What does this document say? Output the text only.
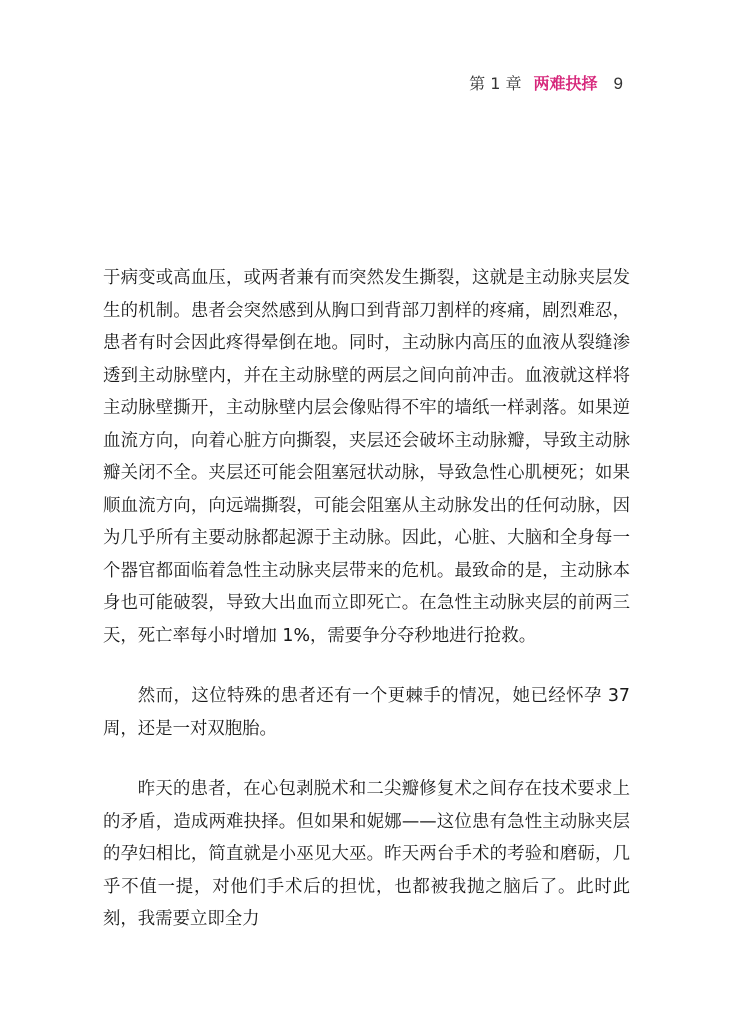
第 1 章 两难抉择 9

于病变或高血压，或两者兼有而突然发生撕裂，这就是主动脉夹层发生的机制。患者会突然感到从胸口到背部刀割样的疼痛，剧烈难忍，患者有时会因此疼得晕倒在地。同时，主动脉内高压的血液从裂缝渗透到主动脉壁内，并在主动脉壁的两层之间向前冲击。血液就这样将主动脉壁撕开，主动脉壁内层会像贴得不牢的墙纸一样剥落。如果逆血流方向，向着心脏方向撕裂，夹层还会破坏主动脉瓣，导致主动脉瓣关闭不全。夹层还可能会阻塞冠状动脉，导致急性心肌梗死；如果顺血流方向，向远端撕裂，可能会阻塞从主动脉发出的任何动脉，因为几乎所有主要动脉都起源于主动脉。因此，心脏、大脑和全身每一个器官都面临着急性主动脉夹层带来的危机。最致命的是，主动脉本身也可能破裂，导致大出血而立即死亡。在急性主动脉夹层的前两三天，死亡率每小时增加 1%，需要争分夺秒地进行抢救。

然而，这位特殊的患者还有一个更棘手的情况，她已经怀孕 37 周，还是一对双胞胎。

昨天的患者，在心包剥脱术和二尖瓣修复术之间存在技术要求上的矛盾，造成两难抉择。但如果和妮娜——这位患有急性主动脉夹层的孕妇相比，简直就是小巫见大巫。昨天两台手术的考验和磨砺，几乎不值一提，对他们手术后的担忧，也都被我抛之脑后了。此时此刻，我需要立即全力
